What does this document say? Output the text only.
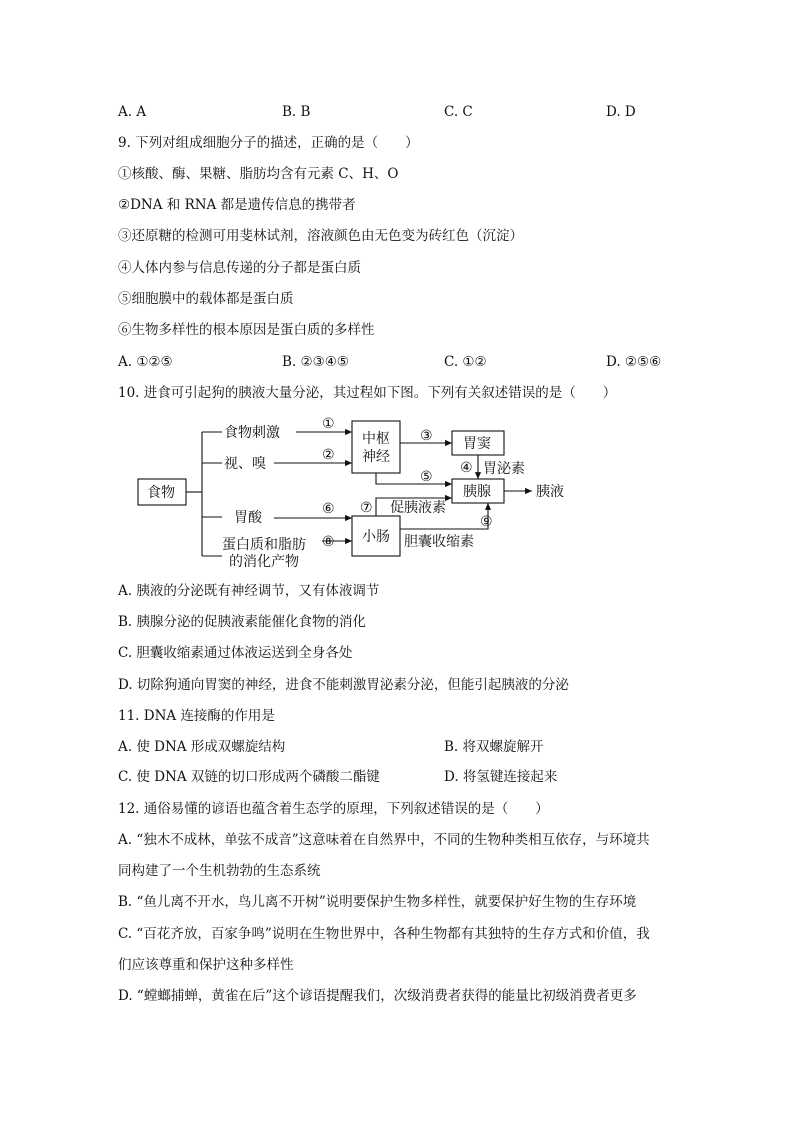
A. A	B. B	C. C	D. D
9. 下列对组成细胞分子的描述，正确的是（　　）
①核酸、酶、果糖、脂肪均含有元素 C、H、O
②DNA 和 RNA 都是遗传信息的携带者
③还原糖的检测可用斐林试剂，溶液颜色由无色变为砖红色（沉淀）
④人体内参与信息传递的分子都是蛋白质
⑤细胞膜中的载体都是蛋白质
⑥生物多样性的根本原因是蛋白质的多样性
A. ①②⑤	B. ②③④⑤	C. ①②	D. ②⑤⑥
10. 进食可引起狗的胰液大量分泌，其过程如下图。下列有关叙述错误的是（　　）
食物
食物刺激
视、嗅
胃酸
蛋白质和脂肪
的消化产物
中枢
神经
小肠
胃窦
胰腺	胰液
胃泌素
促胰液素
胆囊收缩素
①
②
③
④
⑤
⑥ ⑦
⑧
⑨
A. 胰液的分泌既有神经调节，又有体液调节
B. 胰腺分泌的促胰液素能催化食物的消化
C. 胆囊收缩素通过体液运送到全身各处
D. 切除狗通向胃窦的神经，进食不能刺激胃泌素分泌，但能引起胰液的分泌
11. DNA 连接酶的作用是
A. 使 DNA 形成双螺旋结构	B. 将双螺旋解开
C. 使 DNA 双链的切口形成两个磷酸二酯键	D. 将氢键连接起来
12. 通俗易懂的谚语也蕴含着生态学的原理，下列叙述错误的是（　　）
A. “独木不成林，单弦不成音”这意味着在自然界中，不同的生物种类相互依存，与环境共
同构建了一个生机勃勃的生态系统
B. “鱼儿离不开水，鸟儿离不开树”说明要保护生物多样性，就要保护好生物的生存环境
C. “百花齐放，百家争鸣”说明在生物世界中，各种生物都有其独特的生存方式和价值，我
们应该尊重和保护这种多样性
D. “螳螂捕蝉，黄雀在后”这个谚语提醒我们，次级消费者获得的能量比初级消费者更多
